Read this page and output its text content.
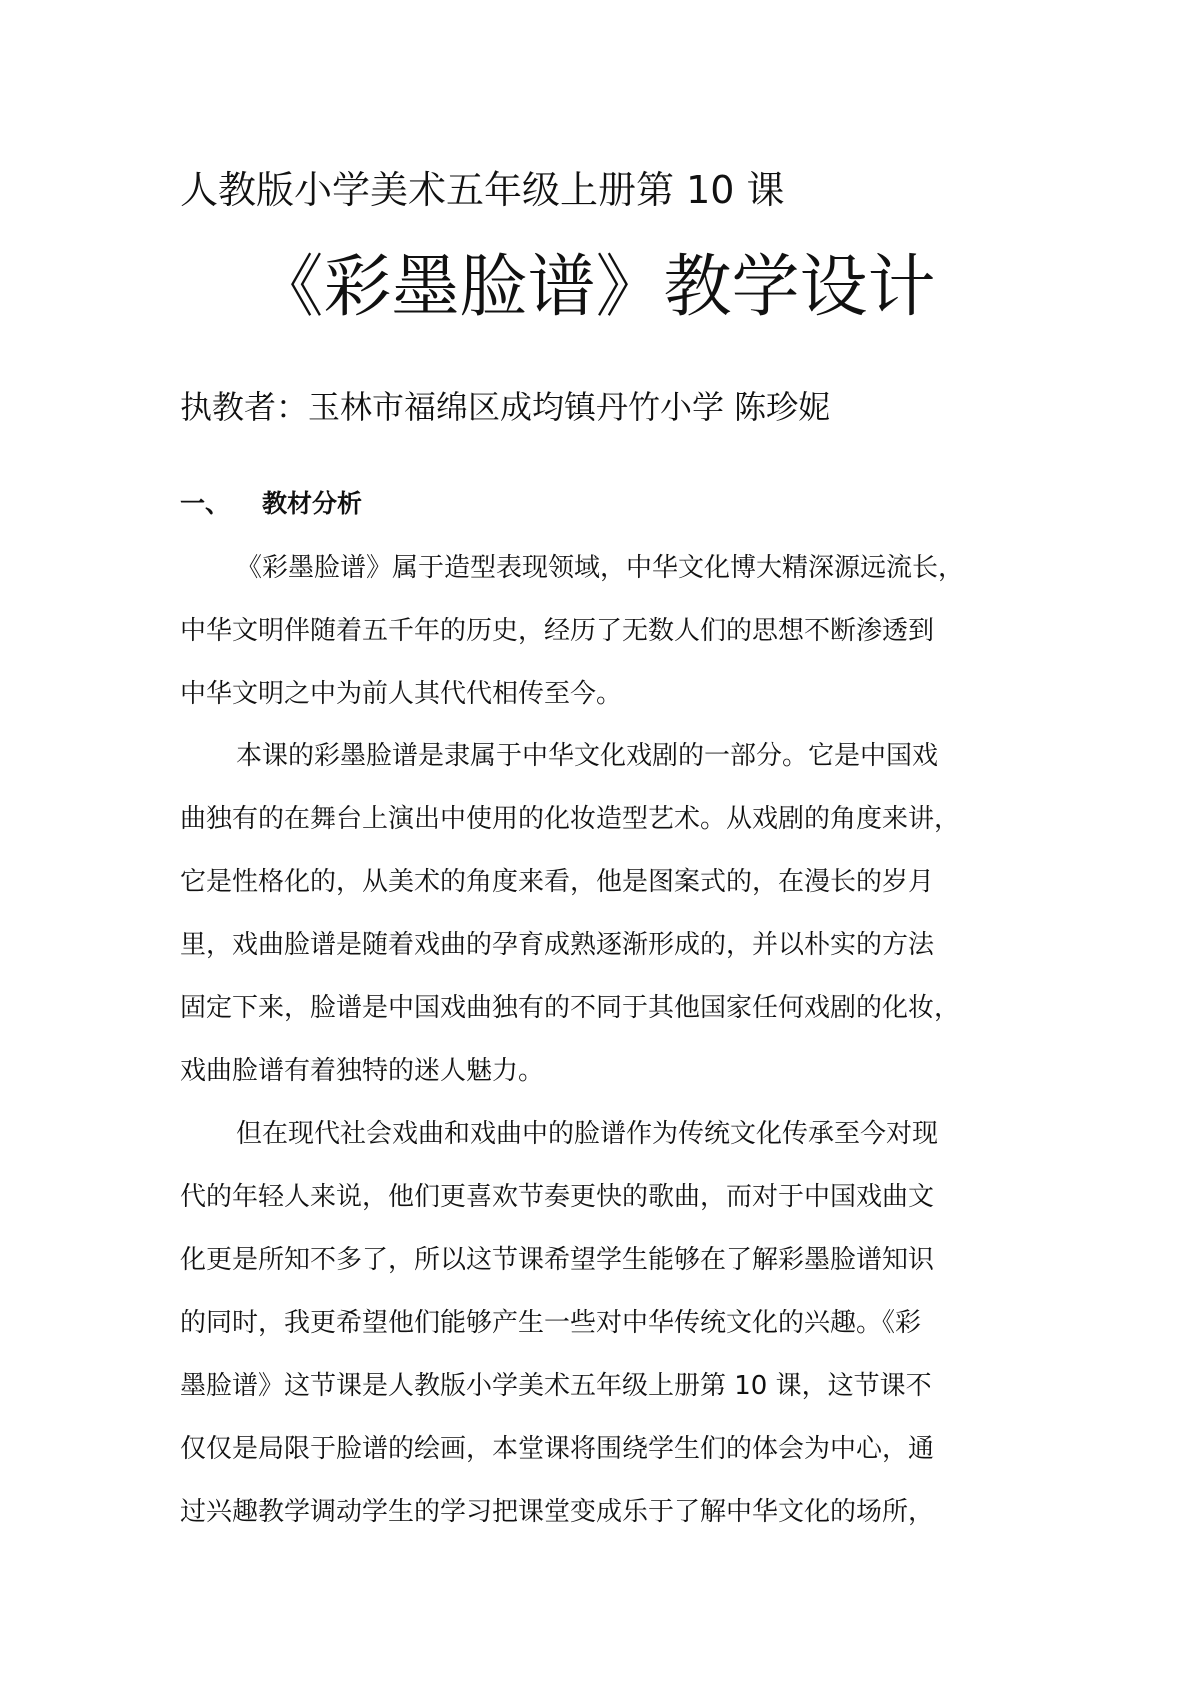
人教版小学美术五年级上册第 10 课
《彩墨脸谱》教学设计
执教者：玉林市福绵区成均镇丹竹小学 陈珍妮
一、 教材分析
《彩墨脸谱》属于造型表现领域，中华文化博大精深源远流长，
中华文明伴随着五千年的历史，经历了无数人们的思想不断渗透到
中华文明之中为前人其代代相传至今。
本课的彩墨脸谱是隶属于中华文化戏剧的一部分。它是中国戏
曲独有的在舞台上演出中使用的化妆造型艺术。从戏剧的角度来讲，
它是性格化的，从美术的角度来看，他是图案式的，在漫长的岁月
里，戏曲脸谱是随着戏曲的孕育成熟逐渐形成的，并以朴实的方法
固定下来，脸谱是中国戏曲独有的不同于其他国家任何戏剧的化妆，
戏曲脸谱有着独特的迷人魅力。
但在现代社会戏曲和戏曲中的脸谱作为传统文化传承至今对现
代的年轻人来说，他们更喜欢节奏更快的歌曲，而对于中国戏曲文
化更是所知不多了，所以这节课希望学生能够在了解彩墨脸谱知识
的同时，我更希望他们能够产生一些对中华传统文化的兴趣。《彩
墨脸谱》这节课是人教版小学美术五年级上册第 10 课，这节课不
仅仅是局限于脸谱的绘画，本堂课将围绕学生们的体会为中心，通
过兴趣教学调动学生的学习把课堂变成乐于了解中华文化的场所，
